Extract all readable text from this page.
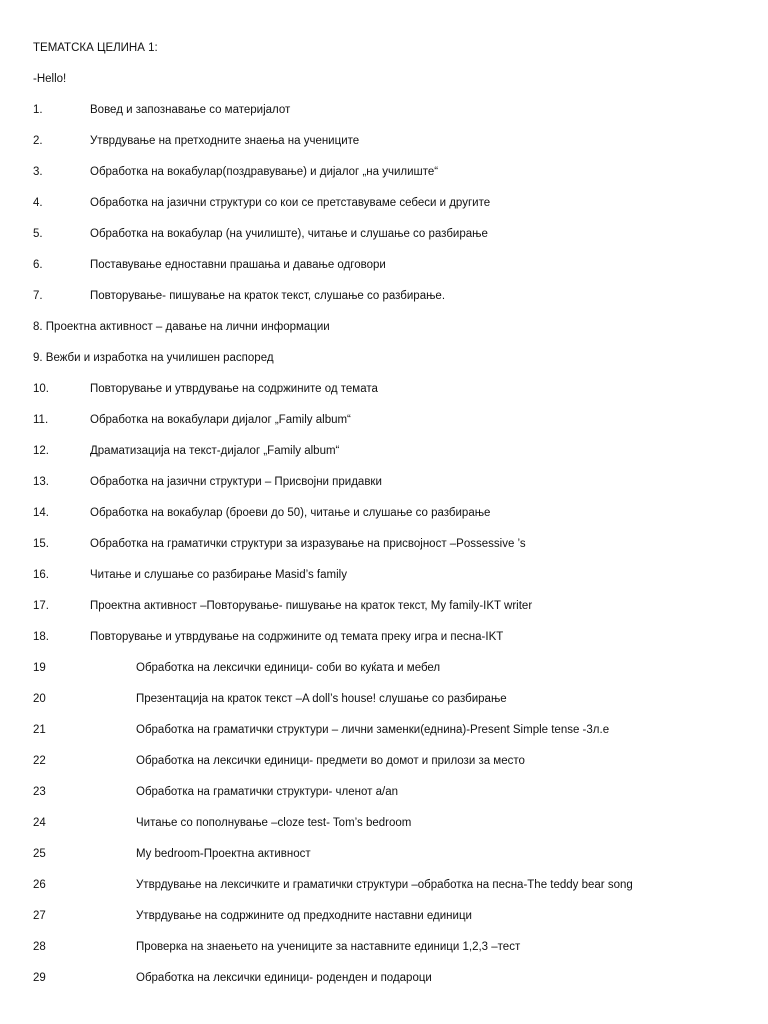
ТЕМАТСКА ЦЕЛИНА 1:
-Hello!
1.	Вовед и запознавање со материјалот
2.	Утврдување на претходните знаења на учениците
3.	Обработка на вокабулар(поздравување) и дијалог „на училиште“
4.	Обработка на јазични структури со кои се претставуваме себеси и другите
5.	Обработка на вокабулар (на училиште), читање и слушање со разбирање
6.	Поставување едноставни прашања и давање одговори
7.	Повторување- пишување на краток текст, слушање со разбирање.
8. Проектна активност – давање на лични информации
9. Вежби и изработка на училишен распоред
10.	Повторување и утврдување на содржините од темата
11.	Обработка на вокабулари дијалог „Family album“
12.	Драматизација на текст-дијалог „Family album“
13.	Обработка на јазични структури – Присвојни придавки
14.	Обработка на вокабулар (броеви до 50), читање и слушање со разбирање
15.	Обработка на граматички структури за изразување на присвојност –Possessive ’s
16.	Читање и слушање со разбирање Masid’s family
17.	Проектна активност –Повторување- пишување на краток текст, My family-IKT writer
18.	Повторување и утврдување на содржините од темата преку игра и песна-IKT
19	Обработка на лексички единици- соби во куќата и мебел
20	Презентација на краток текст –A doll’s house! слушање со разбирање
21	Обработка на граматички структури – лични заменки(еднина)-Present Simple tense -3л.е
22	Обработка на лексички единици- предмети во домот и прилози за место
23	Обработка на граматички структури- членот a/an
24	Читање со пополнување –cloze test- Tom’s bedroom
25	My bedroom-Проектна активност
26	Утврдување на лексичките и граматички структури –обработка на песна-The teddy bear song
27	Утврдување на содржините од предходните наставни единици
28	Проверка на знаењето на учениците за наставните единици 1,2,3 –тест
29	Обработка на лексички единици- роденден и подароци
